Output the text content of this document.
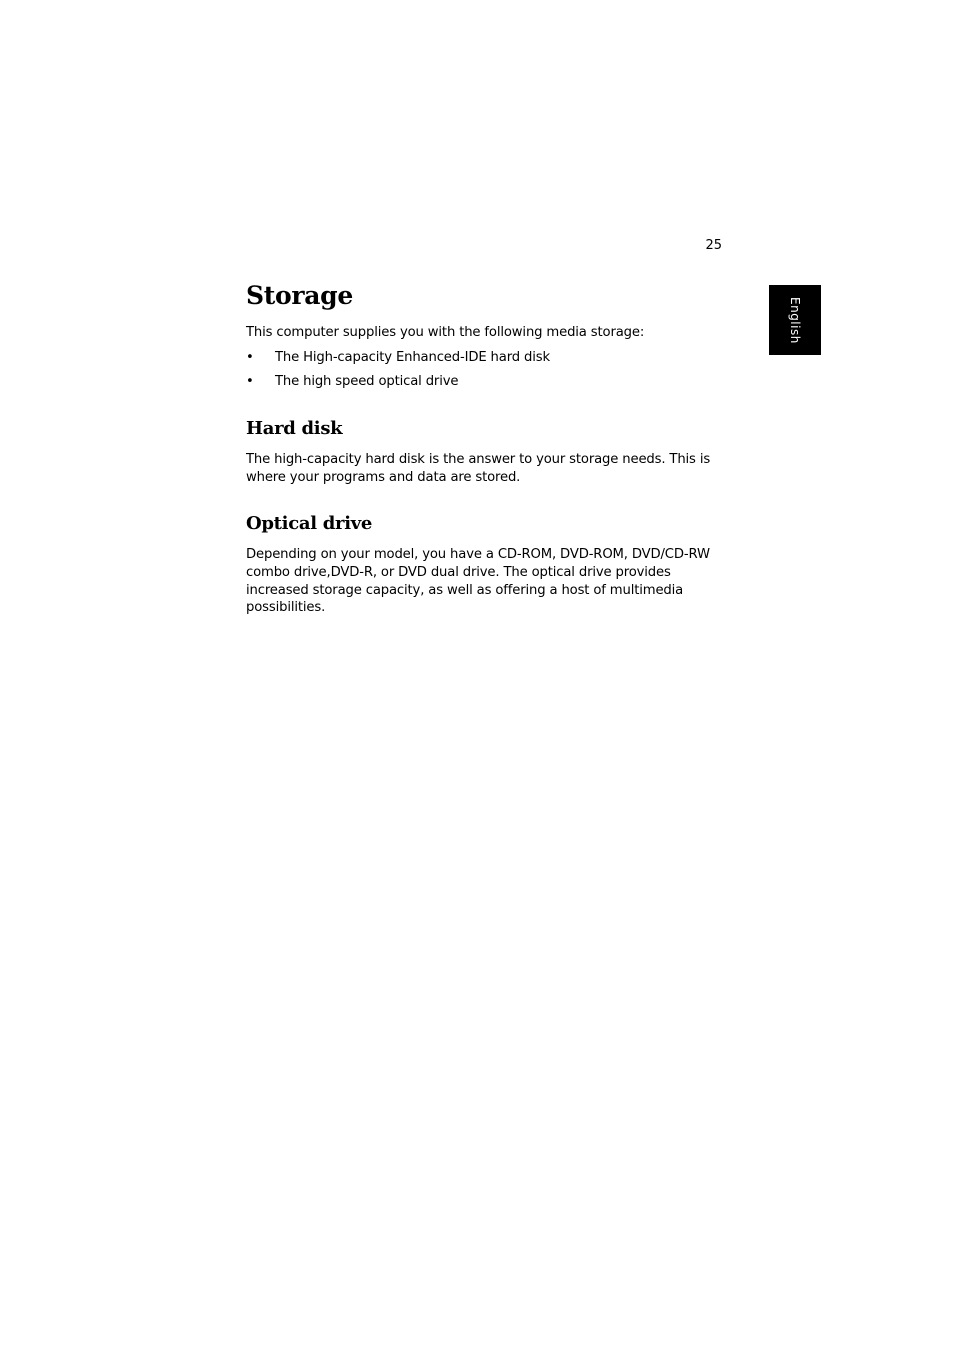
25
English
Storage

This computer supplies you with the following media storage:

• The High-capacity Enhanced-IDE hard disk
• The high speed optical drive
Hard disk

The high-capacity hard disk is the answer to your storage needs. This is where your programs and data are stored.

Optical drive

Depending on your model, you have a CD-ROM, DVD-ROM, DVD/CD-RW combo drive,DVD-R, or DVD dual drive. The optical drive provides increased storage capacity, as well as offering a host of multimedia possibilities.
